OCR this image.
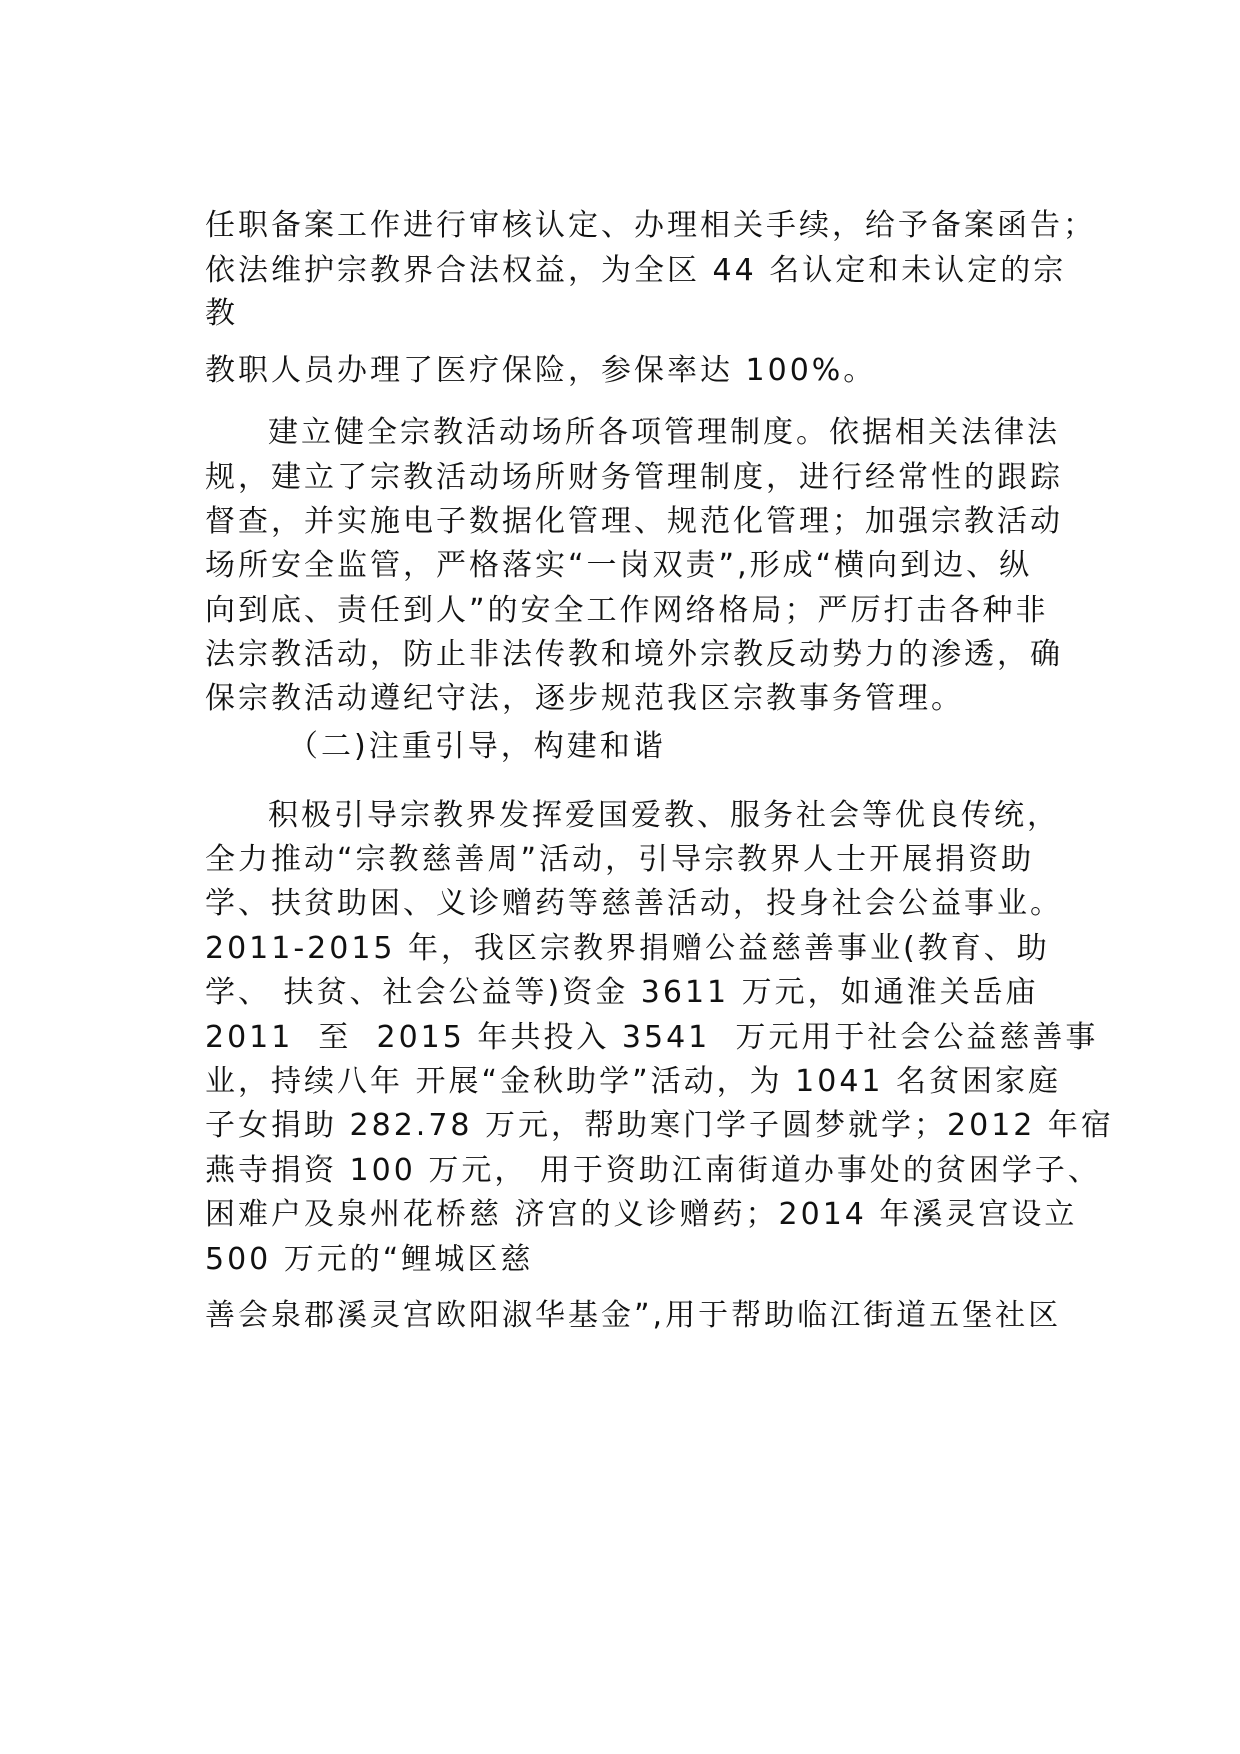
任职备案工作进行审核认定、办理相关手续，给予备案函告；

依法维护宗教界合法权益，为全区 44 名认定和未认定的宗

教

教职人员办理了医疗保险，参保率达 100%。

建立健全宗教活动场所各项管理制度。依据相关法律法

规，建立了宗教活动场所财务管理制度，进行经常性的跟踪

督查，并实施电子数据化管理、规范化管理；加强宗教活动

场所安全监管，严格落实“一岗双责”,形成“横向到边、纵

向到底、责任到人”的安全工作网络格局；严厉打击各种非

法宗教活动，防止非法传教和境外宗教反动势力的渗透，确

保宗教活动遵纪守法，逐步规范我区宗教事务管理。

（二)注重引导，构建和谐

积极引导宗教界发挥爱国爱教、服务社会等优良传统，

全力推动“宗教慈善周”活动，引导宗教界人士开展捐资助

学、扶贫助困、义诊赠药等慈善活动，投身社会公益事业。

2011-2015 年，我区宗教界捐赠公益慈善事业(教育、助

学、 扶贫、社会公益等)资金 3611 万元，如通淮关岳庙

2011  至  2015 年共投入 3541  万元用于社会公益慈善事

业，持续八年 开展“金秋助学”活动，为 1041 名贫困家庭

子女捐助 282.78 万元，帮助寒门学子圆梦就学；2012 年宿

燕寺捐资 100 万元， 用于资助江南街道办事处的贫困学子、

困难户及泉州花桥慈 济宫的义诊赠药；2014 年溪灵宫设立

500 万元的“鲤城区慈

善会泉郡溪灵宫欧阳淑华基金”,用于帮助临江街道五堡社区
